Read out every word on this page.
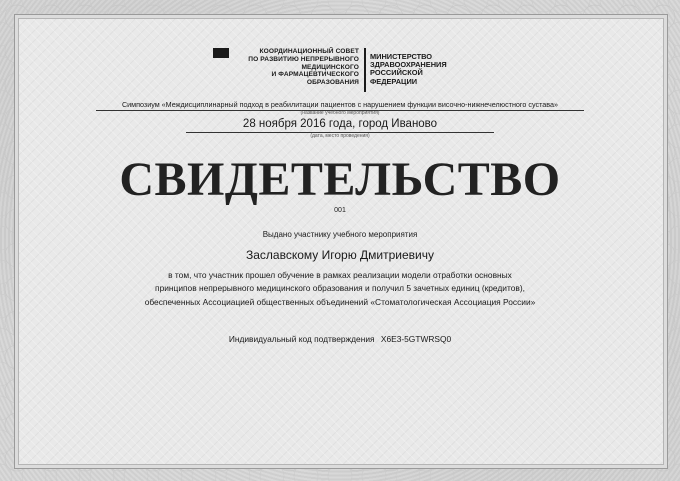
КООРДИНАЦИОННЫЙ СОВЕТ
ПО РАЗВИТИЮ НЕПРЕРЫВНОГО
МЕДИЦИНСКОГО
И ФАРМАЦЕВТИЧЕСКОГО
ОБРАЗОВАНИЯ
МИНИСТЕРСТВО
ЗДРАВООХРАНЕНИЯ
РОССИЙСКОЙ
ФЕДЕРАЦИИ
Симпозиум «Междисциплинарный подход в реабилитации пациентов с нарушением функции височно-нижнечелюстного сустава»
(название учебного мероприятия)
28 ноября 2016 года, город Иваново
(дата, место проведения)
СВИДЕТЕЛЬСТВО
001
Выдано участнику учебного мероприятия
Заславскому Игорю Дмитриевичу
в том, что участник прошел обучение в рамках реализации модели отработки основных
принципов непрерывного медицинского образования и получил 5 зачетных единиц (кредитов),
обеспеченных Ассоциацией общественных объединений «Стоматологическая Ассоциация России»
Индивидуальный код подтверждения X6E3-5GTWRSQ0
